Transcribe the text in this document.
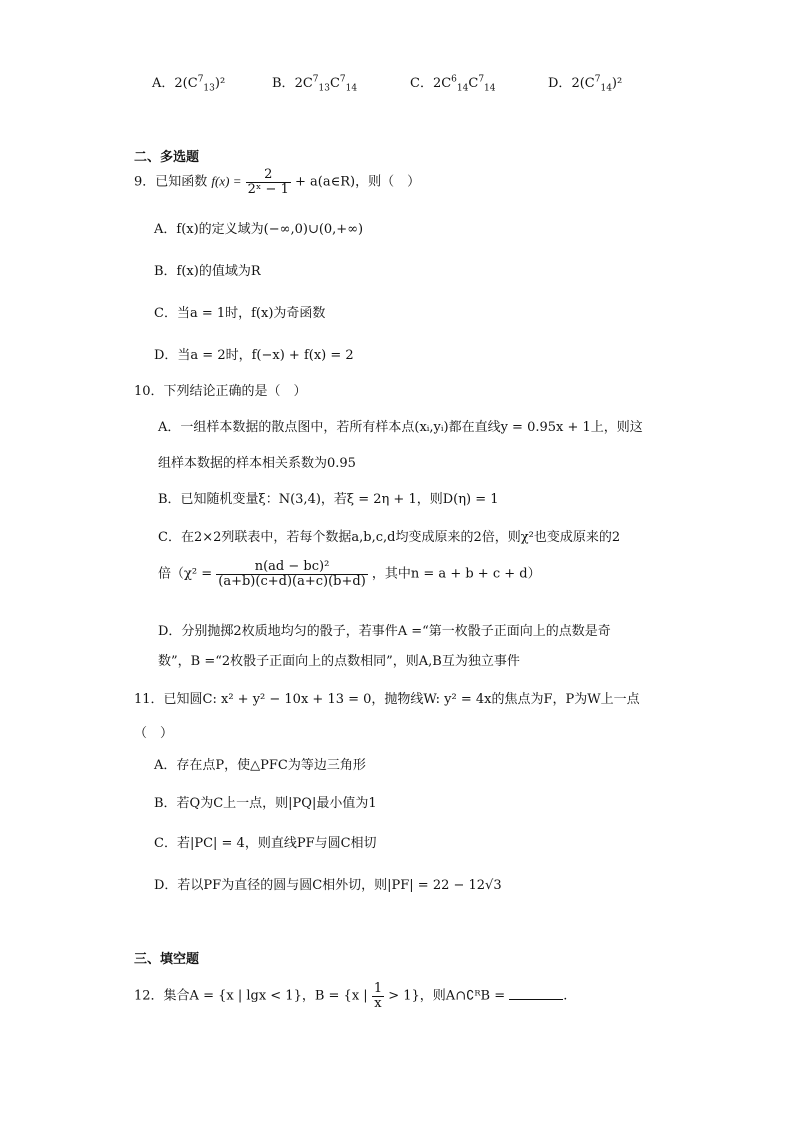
A．$2(C^7_{13})^2$	B．$2C^7_{13}C^7_{14}$	C．$2C^6_{14}C^7_{14}$	D．$2(C^7_{14})^2$
二、多选题
9．已知函数 $f(x) = \frac{2}{\text{2ˣ − 1}}$ + a(a∈R)，则（　）
A．f(x)的定义域为(−∞,0)∪(0,+∞)
B．f(x)的值域为R
C．当a = 1时，f(x)为奇函数
D．当a = 2时，f(−x) + f(x) = 2
10．下列结论正确的是（　）
A．一组样本数据的散点图中，若所有样本点(xᵢ,yᵢ)都在直线y = 0.95x + 1上，则这
组样本数据的样本相关系数为0.95
B．已知随机变量ξ：N(3,4)，若ξ = 2η + 1，则D(η) = 1
C．在2×2列联表中，若每个数据a,b,c,d均变成原来的2倍，则χ²也变成原来的2
倍（$\chi^2 = \frac{\text{n(ad − bc)²}}{(a+b)(c+d)(a+c)(b+d)}$ ，其中n = a + b + c + d）
D．分别抛掷2枚质地均匀的骰子，若事件A =“第一枚骰子正面向上的点数是奇
数”，B =“2枚骰子正面向上的点数相同”，则A,B互为独立事件
11．已知圆C: x² + y² − 10x + 13 = 0，抛物线W: y² = 4x的焦点为F，P为W上一点
（　）
A．存在点P，使△PFC为等边三角形
B．若Q为C上一点，则|PQ|最小值为1
C．若|PC| = 4，则直线PF与圆C相切
D．若以PF为直径的圆与圆C相外切，则|PF| = 22 − 12√3
三、填空题
12．集合A = {x | lgx < 1}，B = {x | $\frac{1}{x} > 1$}，则A∩∁ᴿB =	.
